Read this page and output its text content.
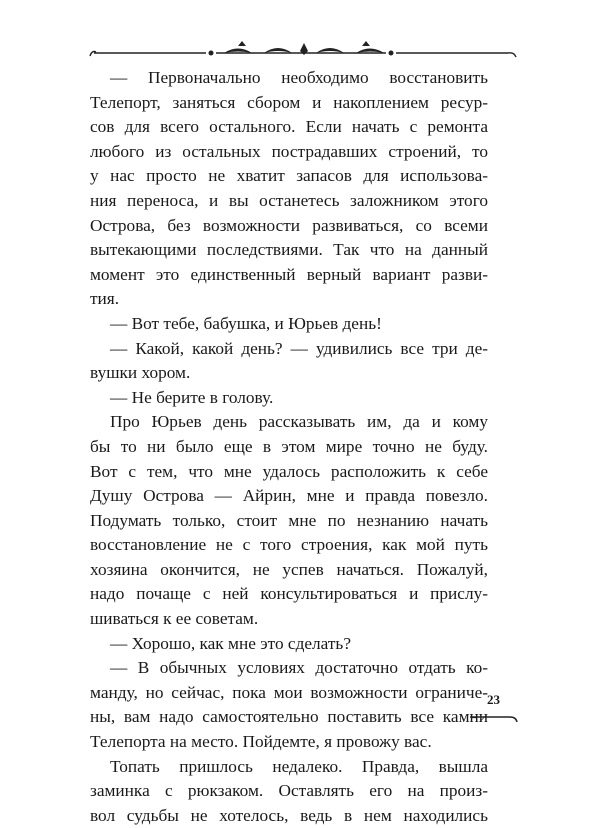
— Первоначально необходимо восстановить
Телепорт, заняться сбором и накоплением ресур-
сов для всего остального. Если начать с ремонта
любого из остальных пострадавших строений, то
у нас просто не хватит запасов для использова-
ния переноса, и вы останетесь заложником этого
Острова, без возможности развиваться, со всеми
вытекающими последствиями. Так что на данный
момент это единственный верный вариант разви-
тия.
— Вот тебе, бабушка, и Юрьев день!
— Какой, какой день? — удивились все три де-
вушки хором.
— Не берите в голову.
Про Юрьев день рассказывать им, да и кому
бы то ни было еще в этом мире точно не буду.
Вот с тем, что мне удалось расположить к себе
Душу Острова — Айрин, мне и правда повезло.
Подумать только, стоит мне по незнанию начать
восстановление не с того строения, как мой путь
хозяина окончится, не успев начаться. Пожалуй,
надо почаще с ней консультироваться и прислу-
шиваться к ее советам.
— Хорошо, как мне это сделать?
— В обычных условиях достаточно отдать ко-
манду, но сейчас, пока мои возможности ограниче-
ны, вам надо самостоятельно поставить все камни
Телепорта на место. Пойдемте, я провожу вас.
Топать пришлось недалеко. Правда, вышла
заминка с рюкзаком. Оставлять его на произ-
вол судьбы не хотелось, ведь в нем находились
23
